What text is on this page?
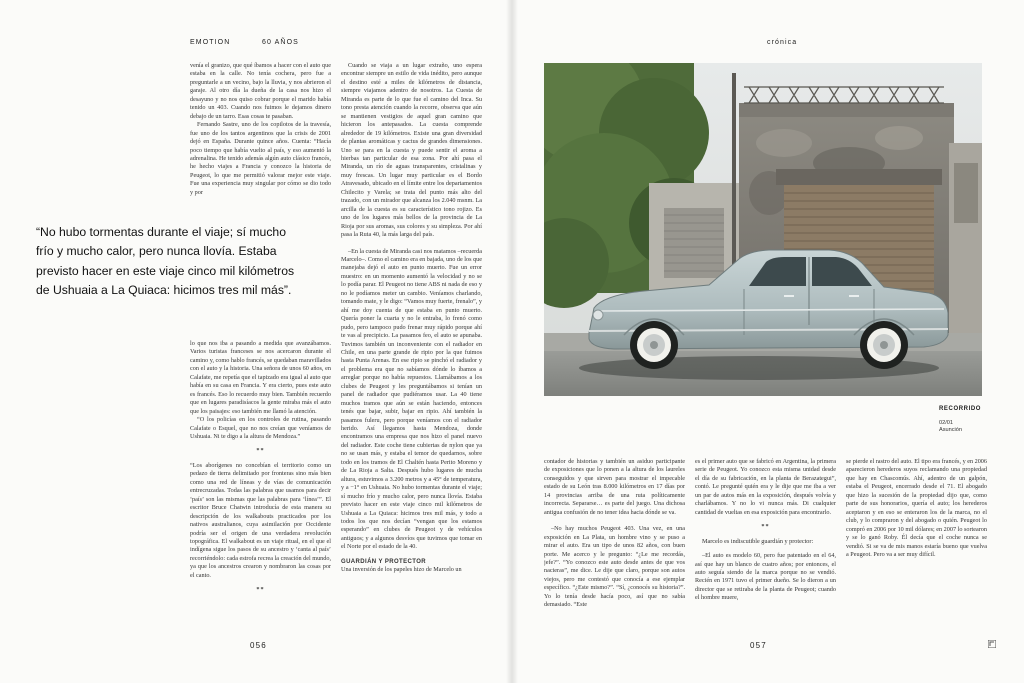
EMOTION	60 AÑOS

venía el granizo, que qué íbamos a hacer con el auto que estaba en la calle. No tenía cochera, pero fue a preguntarle a un vecino, bajo la lluvia, y nos abrieron el garaje. Al otro día la dueña de la casa nos hizo el desayuno y no nos quiso cobrar porque el marido había tenido un 403. Cuando nos fuimos le dejamos dinero debajo de un tarro. Esas cosas te pasaban.

Fernando Sastre, uno de los copilotos de la travesía, fue uno de los tantos argentinos que la crisis de 2001 dejó en España. Durante quince años. Cuenta: “Hacía poco tiempo que había vuelto al país, y eso aumentó la adrenalina. He tenido además algún auto clásico francés, he hecho viajes a Francia y conozco la historia de Peugeot, lo que me permitió valorar mejor este viaje. Fue una experiencia muy singular por cómo se dio todo y por

“No hubo tormentas durante el viaje; sí mucho frío y mucho calor, pero nunca llovía. Estaba previsto hacer en este viaje cinco mil kilómetros de Ushuaia a La Quiaca: hicimos tres mil más”.

lo que nos iba a pasando a medida que avanzábamos. Varios turistas franceses se nos acercaron durante el camino y, como hablo francés, se quedaban maravillados con el auto y la historia. Una señora de unos 60 años, en Calafate, me repetía que el tapizado era igual al auto que había en su casa en Francia. Y era cierto, pues este auto es francés. Eso lo recuerdo muy bien. También recuerdo que en lugares paradisíacos la gente miraba más el auto que los paisajes: eso también me llamó la atención.

“O los policías en los controles de rutina, pasando Calafate o Esquel, que no nos creían que veníamos de Ushuaia. Ni te digo a la altura de Mendoza.”

**

“Los aborígenes no concebían el territorio como un pedazo de tierra delimitado por fronteras sino más bien como una red de líneas y de vías de comunicación entrecruzadas. Todas las palabras que usamos para decir ‘país’ son las mismas que las palabras para ‘línea’”. El escritor Bruce Chatwin introducía de esta manera su descripción de los walkabouts practicados por los nativos australianos, cuya asimilación por Occidente podría ser el origen de una verdadera revolución topográfica. El walkabout es un viaje ritual, en el que el indígena sigue los pasos de su ancestro y ‘canta al país’ recorriéndolo: cada estrofa recrea la creación del mundo, ya que los ancestros crearon y nombraron las cosas por el canto.

**

Cuando se viaja a un lugar extraño, uno espera encontrar siempre un estilo de vida inédito, pero aunque el destino esté a miles de kilómetros de distancia, siempre viajamos adentro de nosotros. La Cuesta de Miranda es parte de lo que fue el camino del Inca. Su tono presta atención cuando la recorre, observa que aún se mantienen vestigios de aquel gran camino que hicieron los antepasados. La cuesta comprende alrededor de 19 kilómetros. Existe una gran diversidad de plantas aromáticas y cactus de grandes dimensiones. Uno se para en la cuesta y puede sentir el aroma a hierbas tan particular de esa zona. Por ahí pasa el Miranda, un río de aguas transparentes, cristalinas y muy frescas. Un lugar muy particular es el Bordo Atravesado, ubicado en el límite entre los departamentos Chilecito y Varela; se trata del punto más alto del trazado, con un mirador que alcanza los 2.040 msnm. La arcilla de la cuesta es su característico tono rojizo. Es uno de los lugares más bellos de la provincia de La Rioja por sus aromas, sus colores y su simpleza. Por ahí pasa la Ruta 40, la más larga del país.

–En la cuesta de Miranda casi nos matamos –recuerda Marcelo–. Como el camino era en bajada, uno de los que manejaba dejó el auto en punto muerto. Fue un error muestro: en un momento aumentó la velocidad y no se lo podía parar. El Peugeot no tiene ABS ni nada de eso y no le podíamos meter un cambio. Veníamos charlando, tomando mate, y le digo: “Vamos muy fuerte, frenalo”, y ahí me doy cuenta de que estaba en punto muerto. Quería poner la cuarta y no le entraba, lo frenó como pudo, pero tampoco pudo frenar muy rápido porque ahí te vas al precipicio. La pasamos feo, el auto se apunaba. Tuvimos también un inconveniente con el radiador en Chile, en una parte grande de ripio por la que fuimos hasta Punta Arenas. En ese ripio se pinchó el radiador y el problema era que no sabíamos dónde lo íbamos a arreglar porque no había repuestos. Llamábamos a los clubes de Peugeot y les preguntábamos si tenían un panel de radiador que pudiéramos usar. La 40 tiene muchos tramos que aún se están haciendo, entonces tenés que bajar, subir, bajar en ripio. Ahí también la pasamos fuleru, pero porque veníamos con el radiador herido. Así llegamos hasta Mendoza, donde encontramos una empresa que nos hizo el panel nuevo del radiador. Este coche tiene cubiertas de nylon que ya no se usan más, y estaba el temor de quedarnos, sobre todo en los tramos de El Chaltén hasta Perito Moreno y de La Rioja a Salta. Después hubo lugares de mucha altura, estuvimos a 3.200 metros y a 45° de temperatura, y a −1° en Ushuaia. No hubo tormentas durante el viaje; sí mucho frío y mucho calor, pero nunca llovía. Estaba previsto hacer en este viaje cinco mil kilómetros de Ushuaia a La Quiaca: hicimos tres mil más, y todo a todos los que nos decían “vengan que los estamos esperando” en clubes de Peugeot y de vehículos antiguos; y a algunos desvíos que tuvimos que tomar en el Norte por el estado de la 40.

GUARDIÁN Y PROTECTOR

Una inversión de los papeles hizo de Marcelo un

056
crónica
RECORRIDO
02/01
Asunción

contador de historias y también un asiduo participante de exposiciones que lo ponen a la altura de los laureles conseguidos y que sirven para mostrar el impecable estado de su León tras 8.000 kilómetros en 17 días por 14 provincias arriba de una ruta políticamente incorrecta. Separarse… es parte del juego. Una dichosa antigua confusión de no tener idea hacia dónde se va.

–No hay muchos Peugeot 403. Una vez, en una exposición en La Plata, un hombre vino y se puso a mirar el auto. Era un tipo de unos 82 años, con buen porte. Me acerco y le pregunto: “¿Le me recordás, jefe?”. “Yo conozco este auto desde antes de que vos nacieras”, me dice. Le dije que claro, porque son autos viejos, pero me contestó que conocía a ese ejemplar específico. “¿Este mismo?”. “Sí, ¿conocés su historia?”. Yo lo tenía desde hacía poco, así que no sabía demasiado. “Este

es el primer auto que se fabricó en Argentina, la primera serie de Peugeot. Yo conozco esta misma unidad desde el día de su fabricación, en la planta de Berazategui”, contó. Le pregunté quién era y le dije que me iba a ver un par de autos más en la exposición, después volvía y charlábamos. Y no lo vi nunca más. Di cualquier cantidad de vueltas en esa exposición para encontrarlo.

**

Marcelo es indiscutible guardián y protector:

–El auto es modelo 60, pero fue patentado en el 64, así que hay un blanco de cuatro años; por entonces, el auto seguía siendo de la marca porque no se vendió. Recién en 1971 tuvo el primer dueño. Se lo dieron a un director que se retiraba de la planta de Peugeot; cuando el hombre muere,

se pierde el rastro del auto. El tipo era francés, y en 2006 aparecieron herederos suyos reclamando una propiedad que hay en Chascomús. Ahí, adentro de un galpón, estaba el Peugeot, encerrado desde el 71. El abogado que hizo la sucesión de la propiedad dijo que, como parte de sus honorarios, quería el auto; los herederos aceptaron y en eso se enteraron los de la marca, no el club, y lo compraron y del abogado o quién. Peugeot lo compró en 2006 por 10 mil dólares; en 2007 lo sortearon y se lo ganó Roby. Él decía que el coche nunca se vendió. Si se va de mis manos estaría bueno que vuelva a Peugeot. Pero va a ser muy difícil.

057
